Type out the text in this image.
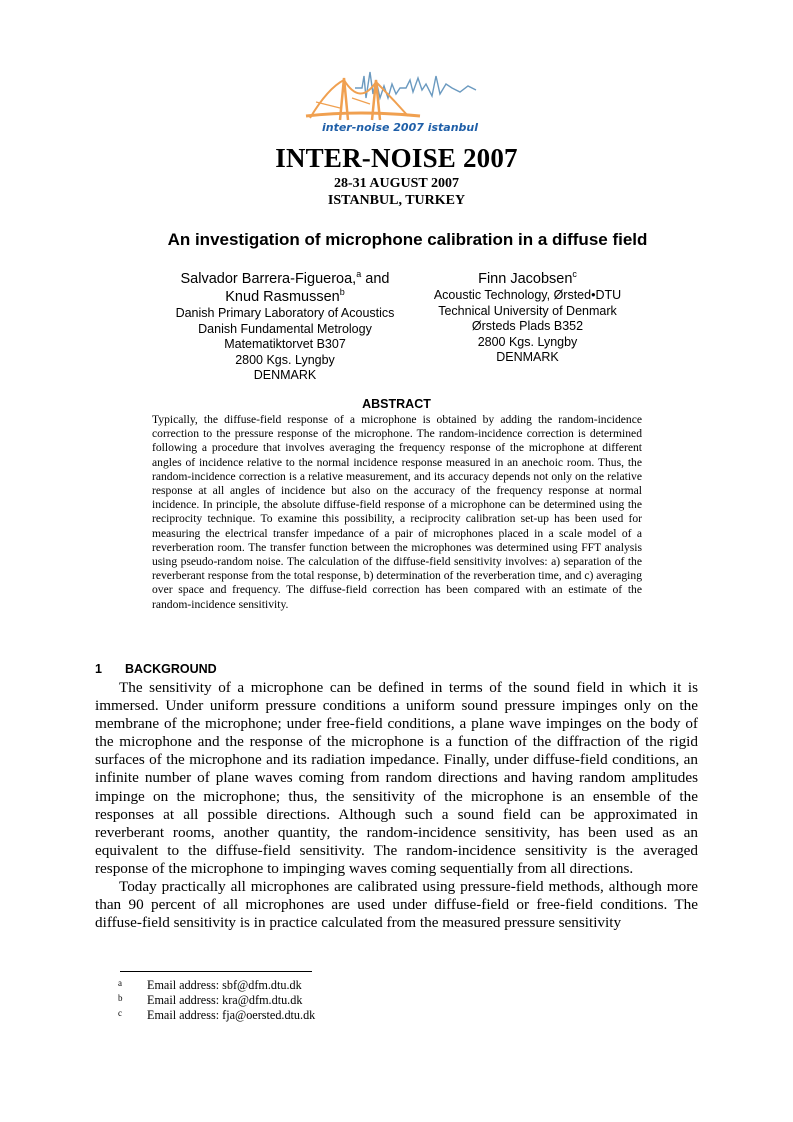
inter-noise 2007 istanbul
INTER-NOISE 2007
28-31 AUGUST 2007
ISTANBUL, TURKEY
An investigation of microphone calibration in a diffuse field
Salvador Barrera-Figueroa,$^a$ and
Knud Rasmussen$^b$
Danish Primary Laboratory of Acoustics
Danish Fundamental Metrology
Matematiktorvet B307
2800 Kgs. Lyngby
DENMARK
Finn Jacobsen$^c$
Acoustic Technology, Ørsted•DTU
Technical University of Denmark
Ørsteds Plads B352
2800 Kgs. Lyngby
DENMARK
ABSTRACT
Typically, the diffuse-field response of a microphone is obtained by adding the random-incidence correction to the pressure response of the microphone. The random-incidence correction is determined following a procedure that involves averaging the frequency response of the microphone at different angles of incidence relative to the normal incidence response measured in an anechoic room. Thus, the random-incidence correction is a relative measurement, and its accuracy depends not only on the relative response at all angles of incidence but also on the accuracy of the frequency response at normal incidence. In principle, the absolute diffuse-field response of a microphone can be determined using the reciprocity technique. To examine this possibility, a reciprocity calibration set-up has been used for measuring the electrical transfer impedance of a pair of microphones placed in a scale model of a reverberation room. The transfer function between the microphones was determined using FFT analysis using pseudo-random noise. The calculation of the diffuse-field sensitivity involves: a) separation of the reverberant response from the total response, b) determination of the reverberation time, and c) averaging over space and frequency. The diffuse-field correction has been compared with an estimate of the random-incidence sensitivity.
1 BACKGROUND

The sensitivity of a microphone can be defined in terms of the sound field in which it is immersed. Under uniform pressure conditions a uniform sound pressure impinges only on the membrane of the microphone; under free-field conditions, a plane wave impinges on the body of the microphone and the response of the microphone is a function of the diffraction of the rigid surfaces of the microphone and its radiation impedance. Finally, under diffuse-field conditions, an infinite number of plane waves coming from random directions and having random amplitudes impinge on the microphone; thus, the sensitivity of the microphone is an ensemble of the responses at all possible directions. Although such a sound field can be approximated in reverberant rooms, another quantity, the random-incidence sensitivity, has been used as an equivalent to the diffuse-field sensitivity. The random-incidence sensitivity is the averaged response of the microphone to impinging waves coming sequentially from all directions.

Today practically all microphones are calibrated using pressure-field methods, although more than 90 percent of all microphones are used under diffuse-field or free-field conditions. The diffuse-field sensitivity is in practice calculated from the measured pressure sensitivity

a	Email address: sbf@dfm.dtu.dk
b	Email address: kra@dfm.dtu.dk
c	Email address: fja@oersted.dtu.dk
